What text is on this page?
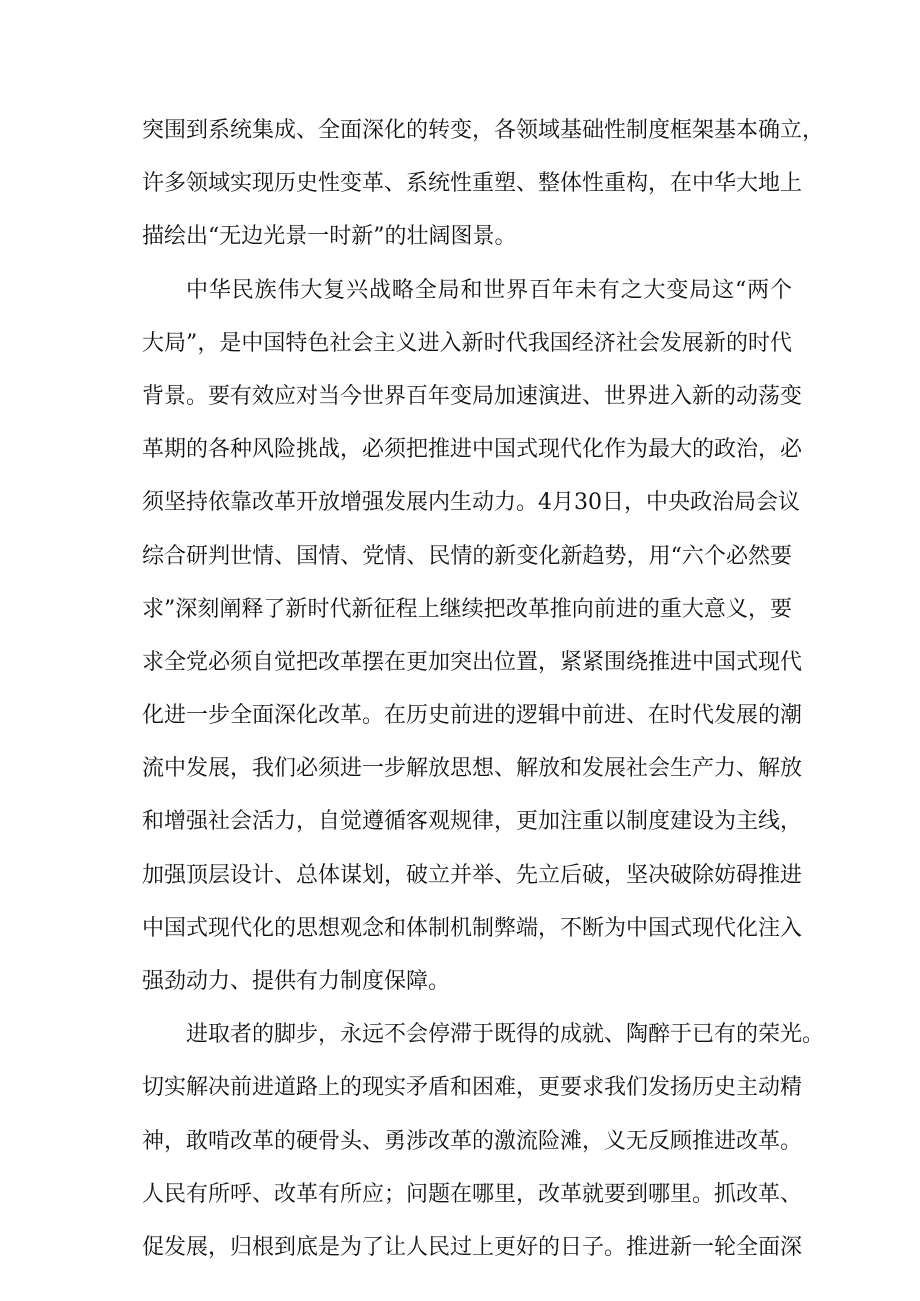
突围到系统集成、全面深化的转变，各领域基础性制度框架基本确立，
许多领域实现历史性变革、系统性重塑、整体性重构，在中华大地上
描绘出“无边光景一时新”的壮阔图景。
中华民族伟大复兴战略全局和世界百年未有之大变局这“两个
大局”，是中国特色社会主义进入新时代我国经济社会发展新的时代
背景。要有效应对当今世界百年变局加速演进、世界进入新的动荡变
革期的各种风险挑战，必须把推进中国式现代化作为最大的政治，必
须坚持依靠改革开放增强发展内生动力。4月30日，中央政治局会议
综合研判世情、国情、党情、民情的新变化新趋势，用“六个必然要
求”深刻阐释了新时代新征程上继续把改革推向前进的重大意义，要
求全党必须自觉把改革摆在更加突出位置，紧紧围绕推进中国式现代
化进一步全面深化改革。在历史前进的逻辑中前进、在时代发展的潮
流中发展，我们必须进一步解放思想、解放和发展社会生产力、解放
和增强社会活力，自觉遵循客观规律，更加注重以制度建设为主线，
加强顶层设计、总体谋划，破立并举、先立后破，坚决破除妨碍推进
中国式现代化的思想观念和体制机制弊端，不断为中国式现代化注入
强劲动力、提供有力制度保障。
进取者的脚步，永远不会停滞于既得的成就、陶醉于已有的荣光。
切实解决前进道路上的现实矛盾和困难，更要求我们发扬历史主动精
神，敢啃改革的硬骨头、勇涉改革的激流险滩，义无反顾推进改革。
人民有所呼、改革有所应；问题在哪里，改革就要到哪里。抓改革、
促发展，归根到底是为了让人民过上更好的日子。推进新一轮全面深
